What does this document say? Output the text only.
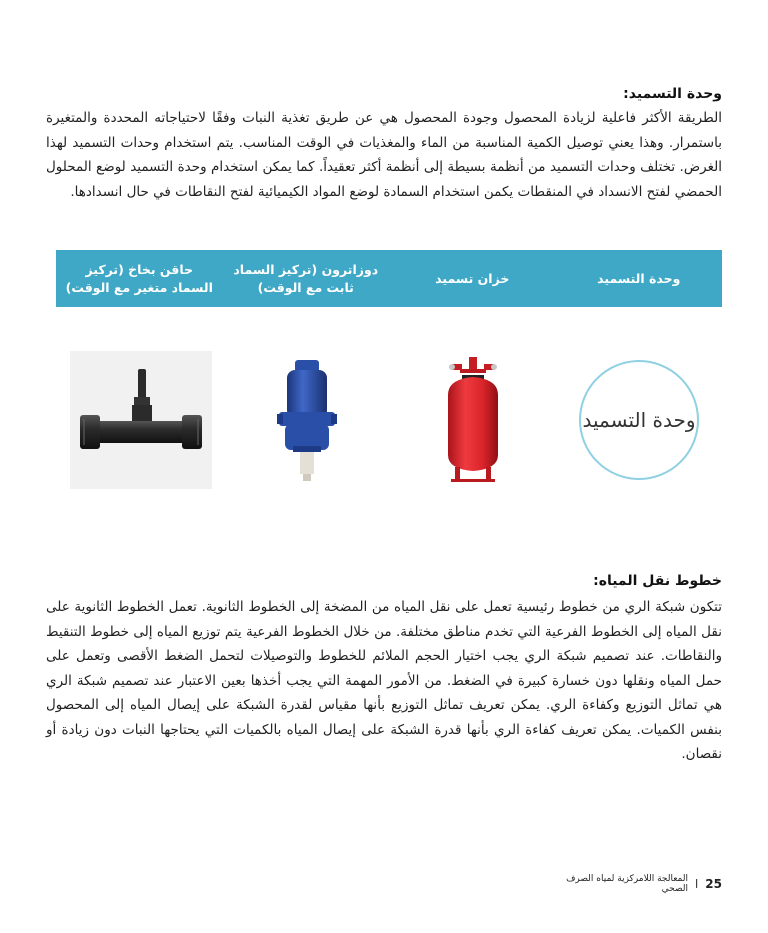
وحدة التسميد:

الطريقة الأكثر فاعلية لزيادة المحصول وجودة المحصول هي عن طريق تغذية النبات وفقًا لاحتياجاته المحددة والمتغيرة باستمرار. وهذا يعني توصيل الكمية المناسبة من الماء والمغذيات في الوقت المناسب. يتم استخدام وحدات التسميد لهذا الغرض. تختلف وحدات التسميد من أنظمة بسيطة إلى أنظمة أكثر تعقيداً. كما يمكن استخدام وحدة التسميد لوضع المحلول الحمضي لفتح الانسداد في المنقطات يكمن استخدام السمادة لوضع المواد الكيميائية لفتح النقاطات في حال انسدادها.

وحدة التسميد
خزان تسميد
دوزاترون (تركيز السماد ثابت مع الوقت)
حاقن بخاخ (تركيز السماد متغير مع الوقت)
وحدة التسميد
خطوط نقل المياه:

تتكون شبكة الري من خطوط رئيسية تعمل على نقل المياه من المضخة إلى الخطوط الثانوية. تعمل الخطوط الثانوية على نقل المياه إلى الخطوط الفرعية التي تخدم مناطق مختلفة. من خلال الخطوط الفرعية يتم توزيع المياه إلى خطوط التنقيط والنقاطات. عند تصميم شبكة الري يجب اختيار الحجم الملائم للخطوط والتوصيلات لتحمل الضغط الأقصى وتعمل على حمل المياه ونقلها دون خسارة كبيرة في الضغط. من الأمور المهمة التي يجب أخذها بعين الاعتبار عند تصميم شبكة الري هي تماثل التوزيع وكفاءة الري. يمكن تعريف تماثل التوزيع بأنها مقياس لقدرة الشبكة على إيصال المياه إلى المحصول بنفس الكميات. يمكن تعريف كفاءة الري بأنها قدرة الشبكة على إيصال المياه بالكميات التي يحتاجها النبات دون زيادة أو نقصان.

25
|
المعالجة اللامركزية لمياه الصرف الصحي
